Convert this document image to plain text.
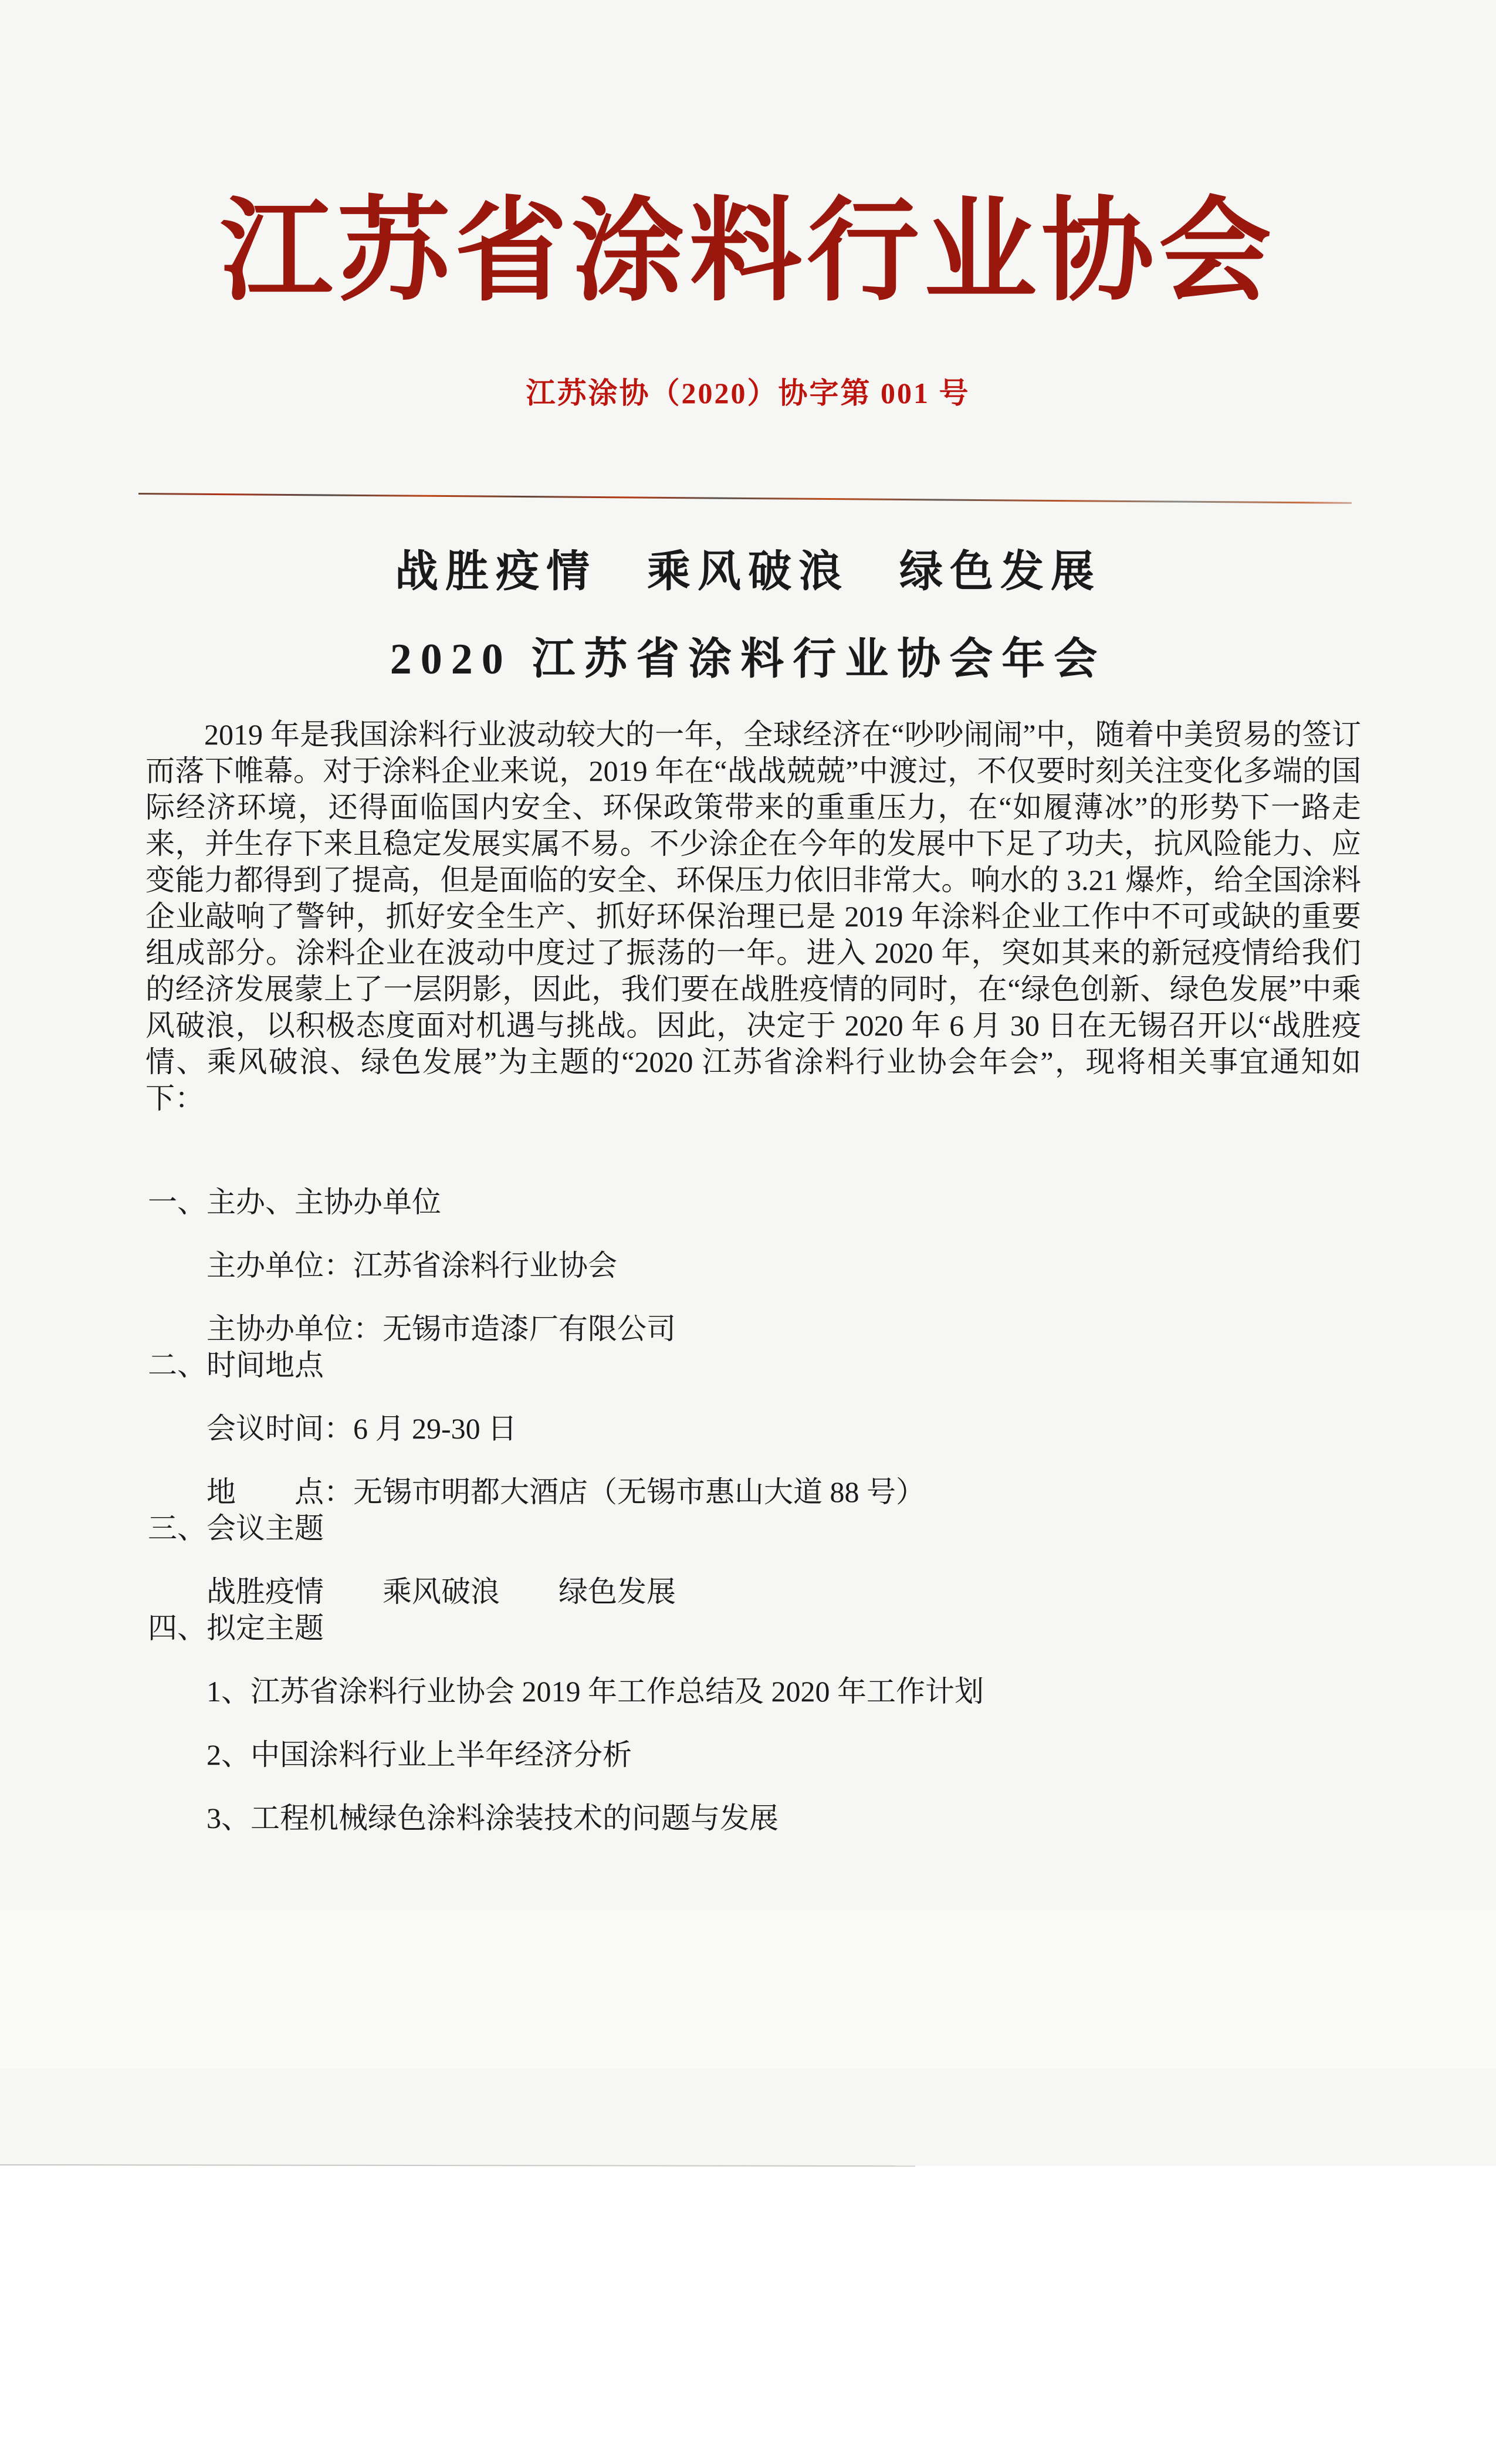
江苏省涂料行业协会
江苏涂协（2020）协字第 001 号
战胜疫情　乘风破浪　绿色发展
2020 江苏省涂料行业协会年会

2019 年是我国涂料行业波动较大的一年，全球经济在“吵吵闹闹”中，随着中美贸易的签订而落下帷幕。对于涂料企业来说，2019 年在“战战兢兢”中渡过，不仅要时刻关注变化多端的国际经济环境，还得面临国内安全、环保政策带来的重重压力，在“如履薄冰”的形势下一路走来，并生存下来且稳定发展实属不易。不少涂企在今年的发展中下足了功夫，抗风险能力、应变能力都得到了提高，但是面临的安全、环保压力依旧非常大。响水的 3.21 爆炸，给全国涂料企业敲响了警钟，抓好安全生产、抓好环保治理已是 2019 年涂料企业工作中不可或缺的重要组成部分。涂料企业在波动中度过了振荡的一年。进入 2020 年，突如其来的新冠疫情给我们的经济发展蒙上了一层阴影，因此，我们要在战胜疫情的同时，在“绿色创新、绿色发展”中乘风破浪，以积极态度面对机遇与挑战。因此，决定于 2020 年 6 月 30 日在无锡召开以“战胜疫情、乘风破浪、绿色发展”为主题的“2020 江苏省涂料行业协会年会”，现将相关事宜通知如下：

一、主办、主协办单位
主办单位：江苏省涂料行业协会
主协办单位：无锡市造漆厂有限公司
二、时间地点
会议时间：6 月 29-30 日
地　　点：无锡市明都大酒店（无锡市惠山大道 88 号）
三、会议主题
战胜疫情　　乘风破浪　　绿色发展
四、拟定主题
1、江苏省涂料行业协会 2019 年工作总结及 2020 年工作计划
2、中国涂料行业上半年经济分析
3、工程机械绿色涂料涂装技术的问题与发展
